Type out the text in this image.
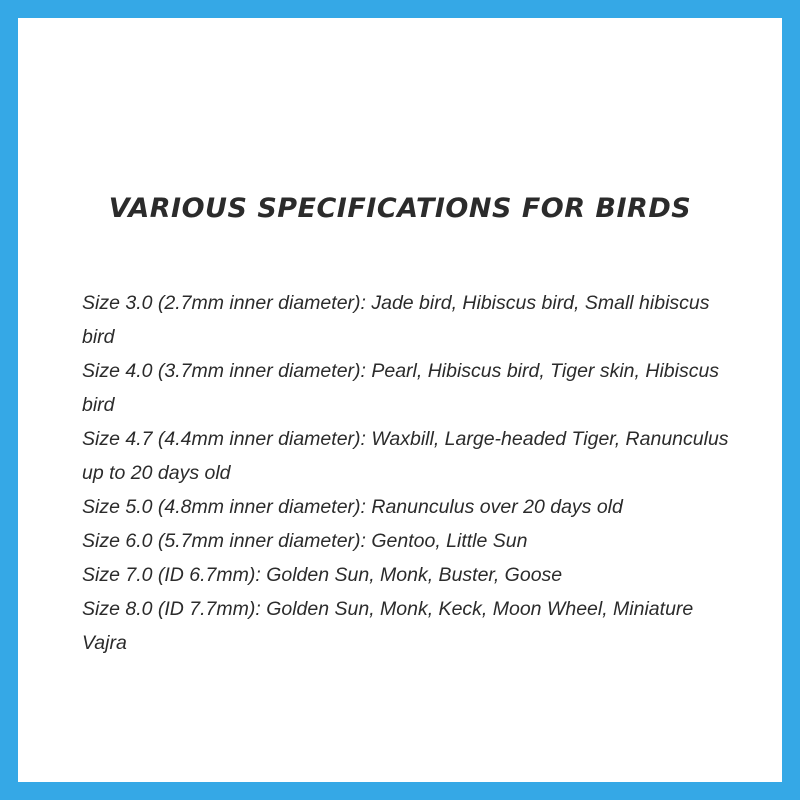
VARIOUS SPECIFICATIONS FOR BIRDS
Size 3.0 (2.7mm inner diameter): Jade bird, Hibiscus bird, Small hibiscus bird
Size 4.0 (3.7mm inner diameter): Pearl, Hibiscus bird, Tiger skin, Hibiscus bird
Size 4.7 (4.4mm inner diameter): Waxbill, Large-headed Tiger, Ranunculus up to 20 days old
Size 5.0 (4.8mm inner diameter): Ranunculus over 20 days old
Size 6.0 (5.7mm inner diameter): Gentoo, Little Sun
Size 7.0 (ID 6.7mm): Golden Sun, Monk, Buster, Goose
Size 8.0 (ID 7.7mm): Golden Sun, Monk, Keck, Moon Wheel, Miniature Vajra
